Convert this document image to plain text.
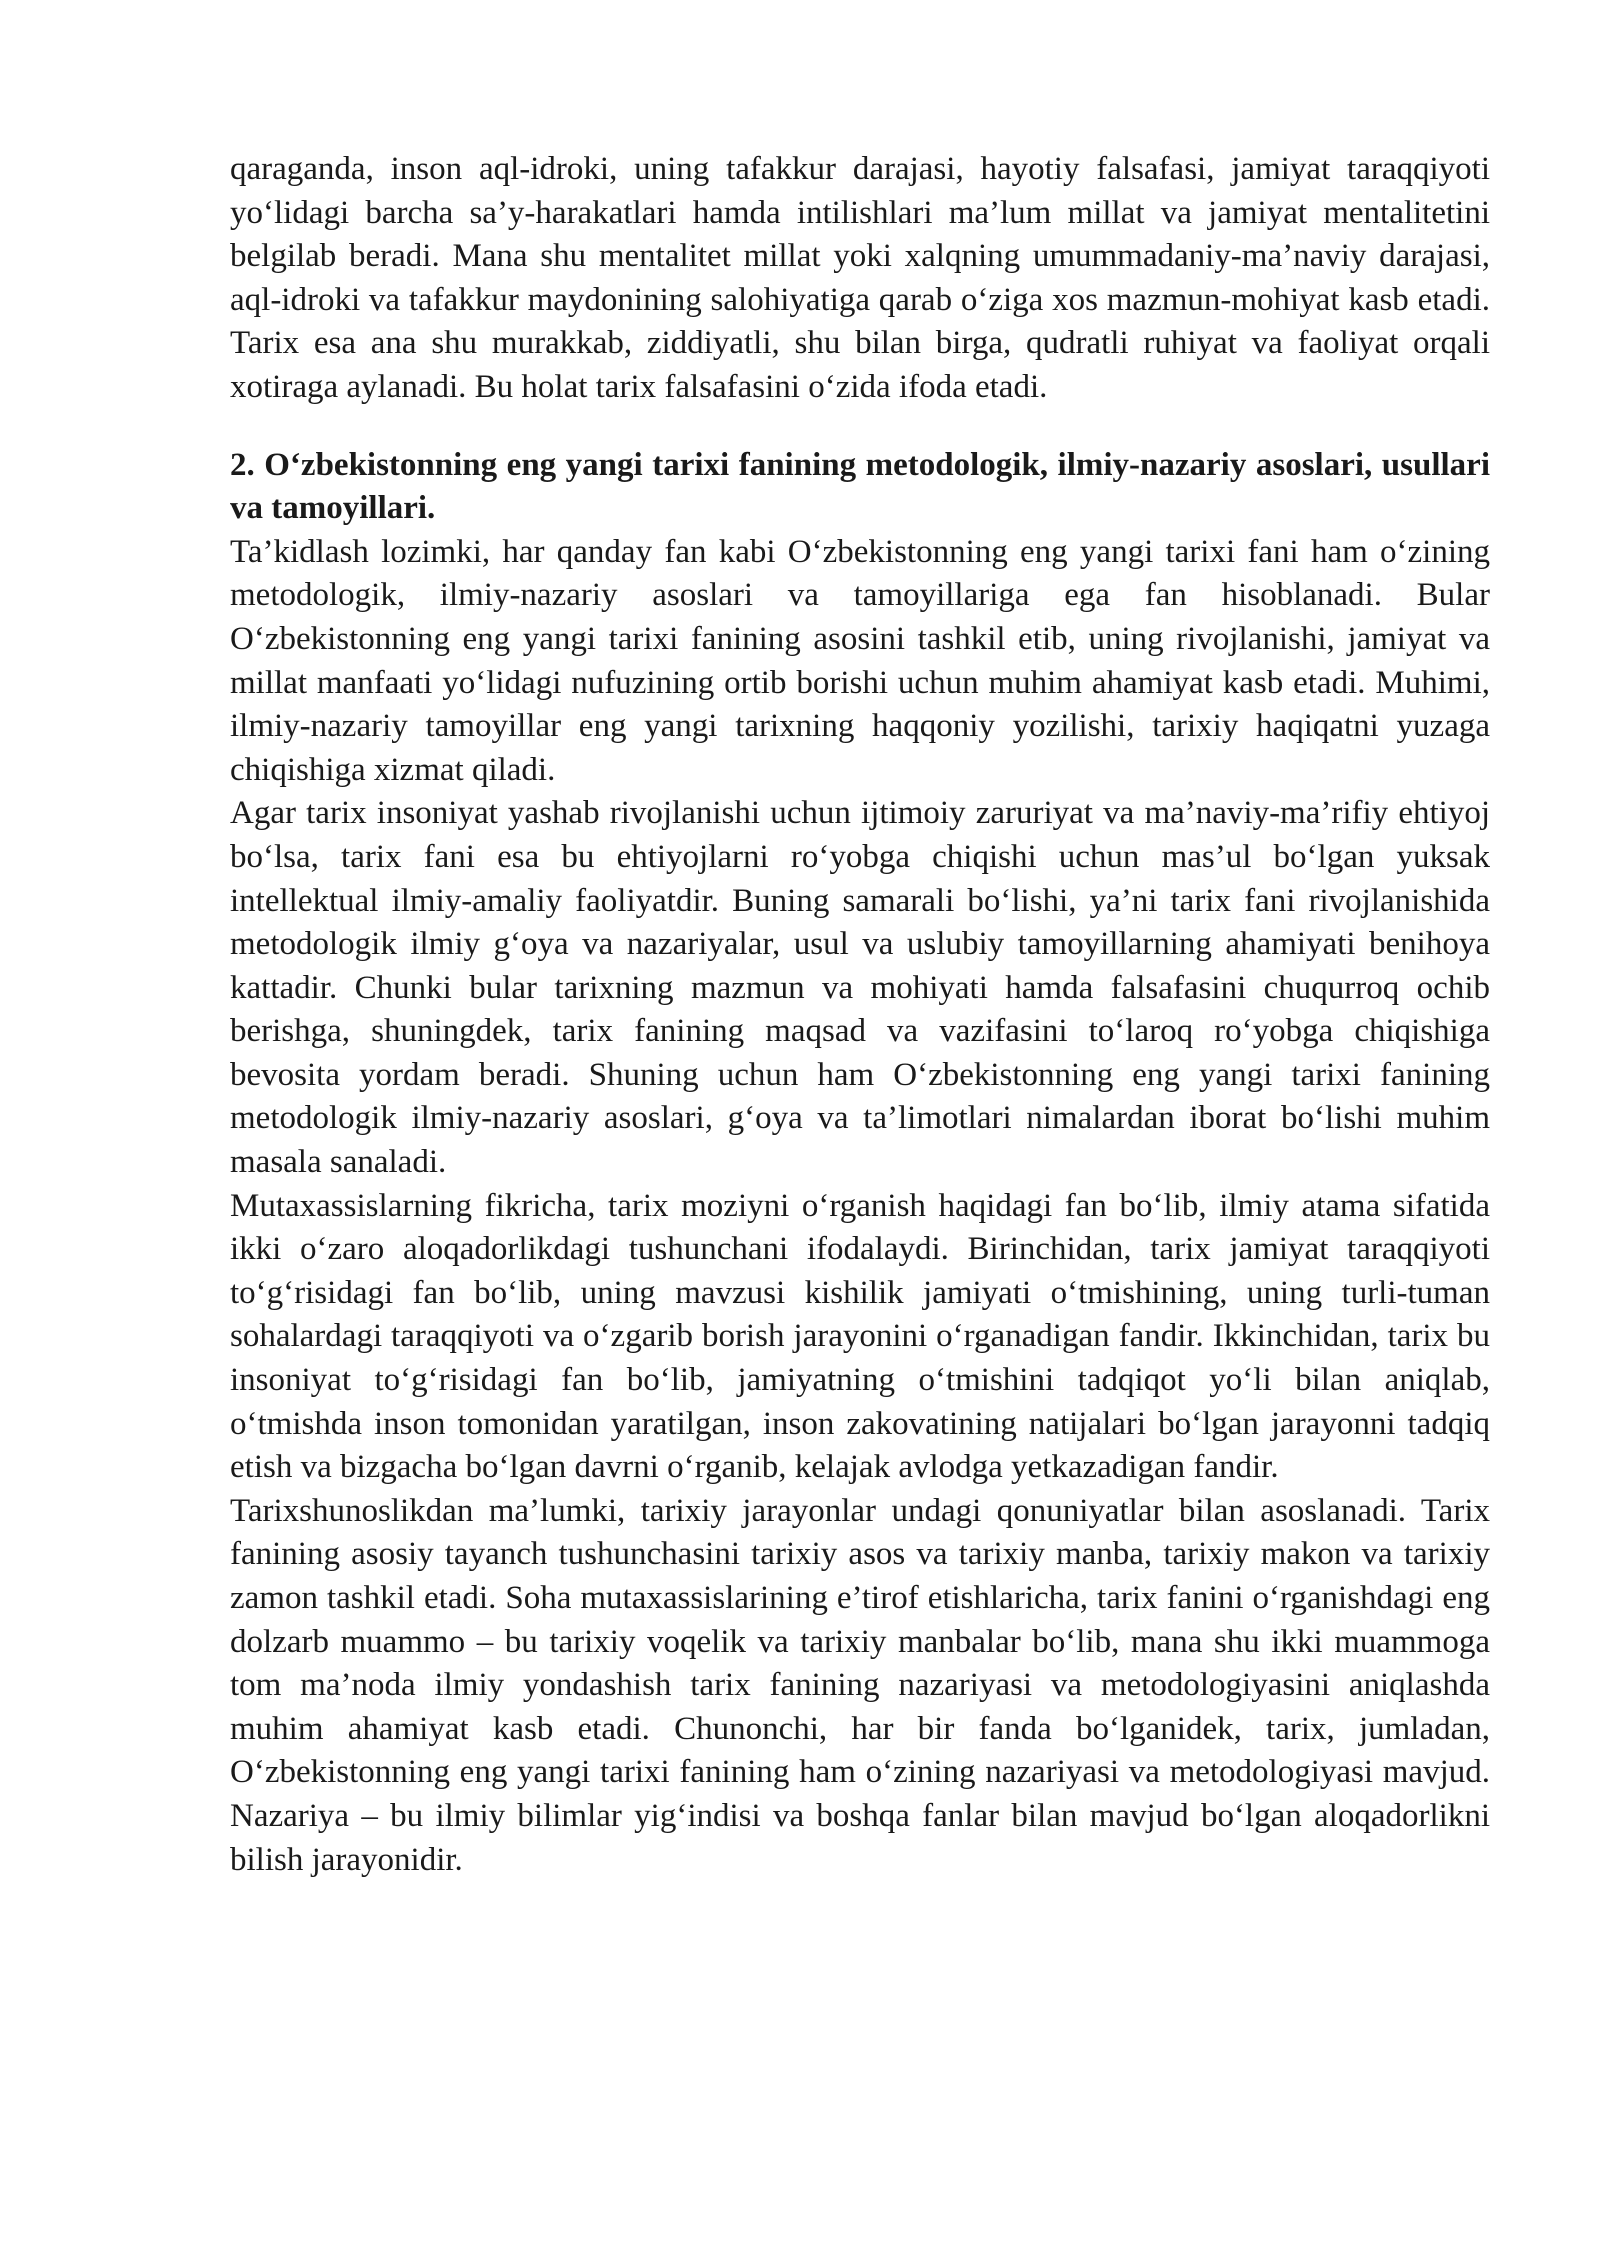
qaraganda, inson aql-idroki, uning tafakkur darajasi, hayotiy falsafasi, jamiyat taraqqiyoti yo‘lidagi barcha sa’y-harakatlari hamda intilishlari ma’lum millat va jamiyat mentalitetini belgilab beradi. Mana shu mentalitet millat yoki xalqning umummadaniy-ma’naviy darajasi, aql-idroki va tafakkur maydonining salohiyatiga qarab o‘ziga xos mazmun-mohiyat kasb etadi. Tarix esa ana shu murakkab, ziddiyatli, shu bilan birga, qudratli ruhiyat va faoliyat orqali xotiraga aylanadi. Bu holat tarix falsafasini o‘zida ifoda etadi.

2. O‘zbekistonning eng yangi tarixi fanining metodologik, ilmiy-nazariy asoslari, usullari va tamoyillari.

Ta’kidlash lozimki, har qanday fan kabi O‘zbekistonning eng yangi tarixi fani ham o‘zining metodologik, ilmiy-nazariy asoslari va tamoyillariga ega fan hisoblanadi. Bular O‘zbekistonning eng yangi tarixi fanining asosini tashkil etib, uning rivojlanishi, jamiyat va millat manfaati yo‘lidagi nufuzining ortib borishi uchun muhim ahamiyat kasb etadi. Muhimi, ilmiy-nazariy tamoyillar eng yangi tarixning haqqoniy yozilishi, tarixiy haqiqatni yuzaga chiqishiga xizmat qiladi.

Agar tarix insoniyat yashab rivojlanishi uchun ijtimoiy zaruriyat va ma’naviy-ma’rifiy ehtiyoj bo‘lsa, tarix fani esa bu ehtiyojlarni ro‘yobga chiqishi uchun mas’ul bo‘lgan yuksak intellektual ilmiy-amaliy faoliyatdir. Buning samarali bo‘lishi, ya’ni tarix fani rivojlanishida metodologik ilmiy g‘oya va nazariyalar, usul va uslubiy tamoyillarning ahamiyati benihoya kattadir. Chunki bular tarixning mazmun va mohiyati hamda falsafasini chuqurroq ochib berishga, shuningdek, tarix fanining maqsad va vazifasini to‘laroq ro‘yobga chiqishiga bevosita yordam beradi. Shuning uchun ham O‘zbekistonning eng yangi tarixi fanining metodologik ilmiy-nazariy asoslari, g‘oya va ta’limotlari nimalardan iborat bo‘lishi muhim masala sanaladi.

Mutaxassislarning fikricha, tarix moziyni o‘rganish haqidagi fan bo‘lib, ilmiy atama sifatida ikki o‘zaro aloqadorlikdagi tushunchani ifodalaydi. Birinchidan, tarix jamiyat taraqqiyoti to‘g‘risidagi fan bo‘lib, uning mavzusi kishilik jamiyati o‘tmishining, uning turli-tuman sohalardagi taraqqiyoti va o‘zgarib borish jarayonini o‘rganadigan fandir. Ikkinchidan, tarix bu insoniyat to‘g‘risidagi fan bo‘lib, jamiyatning o‘tmishini tadqiqot yo‘li bilan aniqlab, o‘tmishda inson tomonidan yaratilgan, inson zakovatining natijalari bo‘lgan jarayonni tadqiq etish va bizgacha bo‘lgan davrni o‘rganib, kelajak avlodga yetkazadigan fandir.

Tarixshunoslikdan ma’lumki, tarixiy jarayonlar undagi qonuniyatlar bilan asoslanadi. Tarix fanining asosiy tayanch tushunchasini tarixiy asos va tarixiy manba, tarixiy makon va tarixiy zamon tashkil etadi. Soha mutaxassislarining e’tirof etishlaricha, tarix fanini o‘rganishdagi eng dolzarb muammo – bu tarixiy voqelik va tarixiy manbalar bo‘lib, mana shu ikki muammoga tom ma’noda ilmiy yondashish tarix fanining nazariyasi va metodologiyasini aniqlashda muhim ahamiyat kasb etadi. Chunonchi, har bir fanda bo‘lganidek, tarix, jumladan, O‘zbekistonning eng yangi tarixi fanining ham o‘zining nazariyasi va metodologiyasi mavjud. Nazariya – bu ilmiy bilimlar yig‘indisi va boshqa fanlar bilan mavjud bo‘lgan aloqadorlikni bilish jarayonidir.
